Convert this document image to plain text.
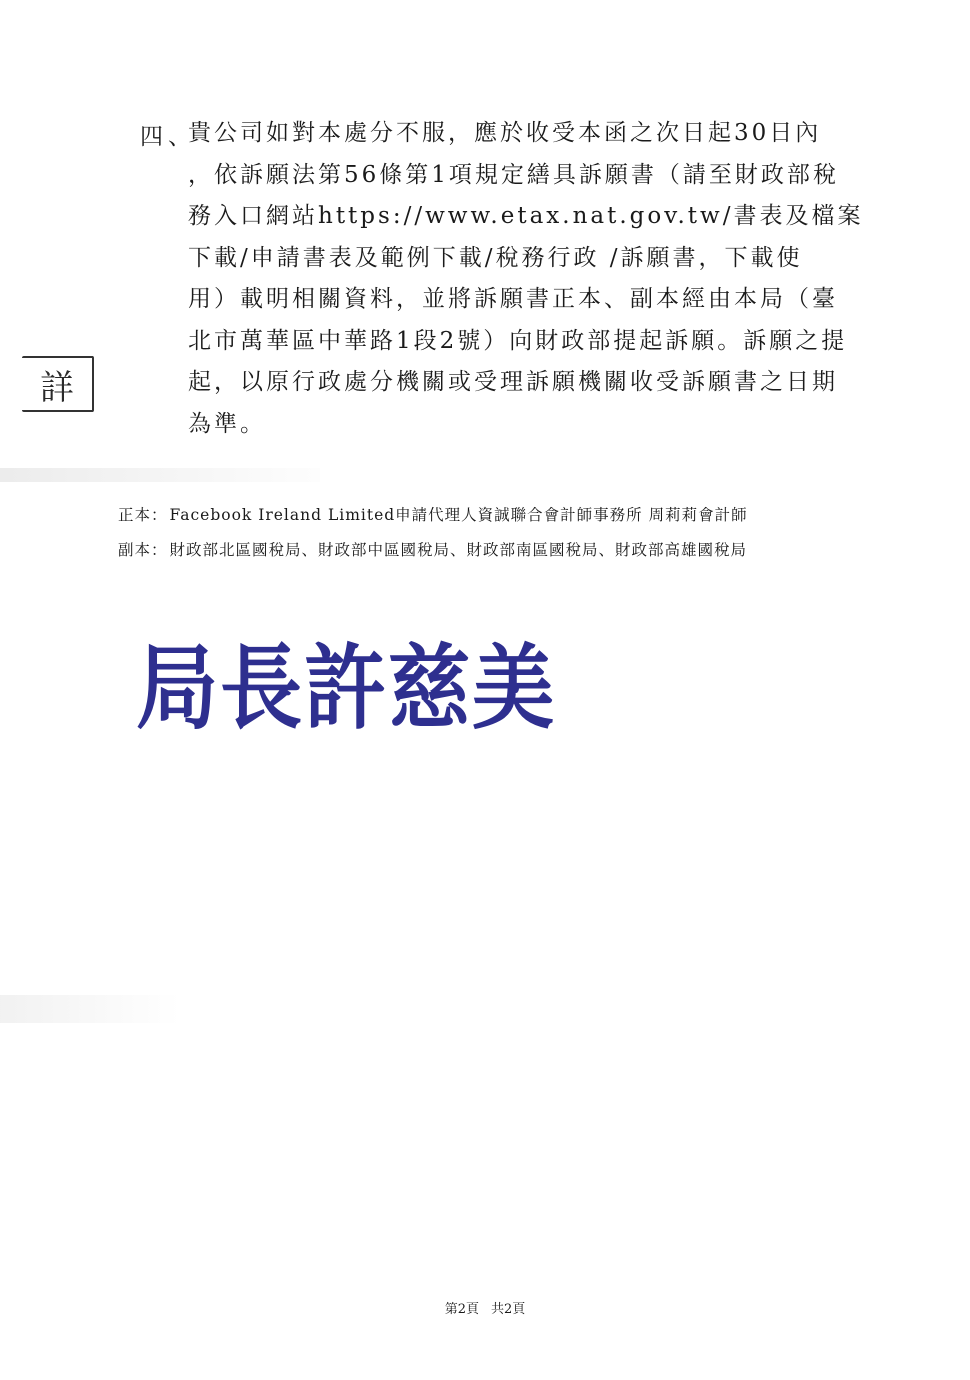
四、
貴公司如對本處分不服，應於收受本函之次日起30日內
，依訴願法第56條第1項規定繕具訴願書（請至財政部稅
務入口網站https://www.etax.nat.gov.tw/書表及檔案
下載/申請書表及範例下載/稅務行政 /訴願書，下載使
用）載明相關資料，並將訴願書正本、副本經由本局（臺
北市萬華區中華路1段2號）向財政部提起訴願。訴願之提
起，以原行政處分機關或受理訴願機關收受訴願書之日期
為準。
詳
正本： Facebook Ireland Limited申請代理人資誠聯合會計師事務所 周莉莉會計師
副本： 財政部北區國稅局、財政部中區國稅局、財政部南區國稅局、財政部高雄國稅局
局長許慈美
第2頁 共2頁
